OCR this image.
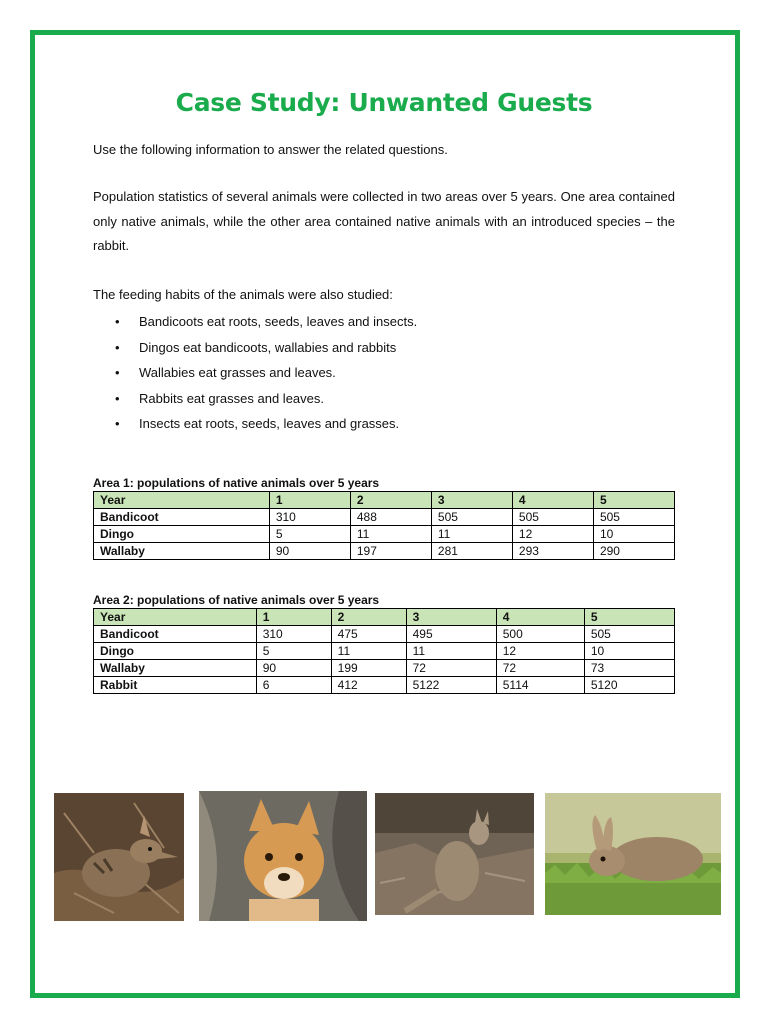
Case Study: Unwanted Guests
Use the following information to answer the related questions.
Population statistics of several animals were collected in two areas over 5 years. One area contained only native animals, while the other area contained native animals with an introduced species – the rabbit.
The feeding habits of the animals were also studied:
• Bandicoots eat roots, seeds, leaves and insects.
• Dingos eat bandicoots, wallabies and rabbits
• Wallabies eat grasses and leaves.
• Rabbits eat grasses and leaves.
• Insects eat roots, seeds, leaves and grasses.
Area 1: populations of native animals over 5 years
Year	1	2	3	4	5
Bandicoot	310	488	505	505	505
Dingo	5	11	11	12	10
Wallaby	90	197	281	293	290
Area 2: populations of native animals over 5 years
Year	1	2	3	4	5
Bandicoot	310	475	495	500	505
Dingo	5	11	11	12	10
Wallaby	90	199	72	72	73
Rabbit	6	412	5122	5114	5120
